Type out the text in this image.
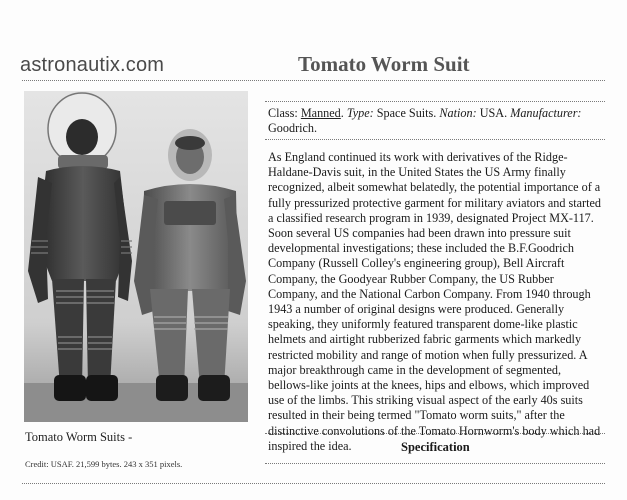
astronautix.com	Tomato Worm Suit
Tomato Worm Suits -
Credit: USAF. 21,599 bytes. 243 x 351 pixels.
Class: Manned. Type: Space Suits. Nation: USA. Manufacturer: Goodrich.
As England continued its work with derivatives of the Ridge-Haldane-Davis suit, in the United States the US Army finally recognized, albeit somewhat belatedly, the potential importance of a fully pressurized protective garment for military aviators and started a classified research program in 1939, designated Project MX-117. Soon several US companies had been drawn into pressure suit developmental investigations; these included the B.F.Goodrich Company (Russell Colley's engineering group), Bell Aircraft Company, the Goodyear Rubber Company, the US Rubber Company, and the National Carbon Company. From 1940 through 1943 a number of original designs were produced. Generally speaking, they uniformly featured transparent dome-like plastic helmets and airtight rubberized fabric garments which markedly restricted mobility and range of motion when fully pressurized. A major breakthrough came in the development of segmented, bellows-like joints at the knees, hips and elbows, which improved use of the limbs. This striking visual aspect of the early 40s suits resulted in their being termed "Tomato worm suits," after the distinctive convolutions of the Tomato Hornworm's body which had inspired the idea.	Specification
